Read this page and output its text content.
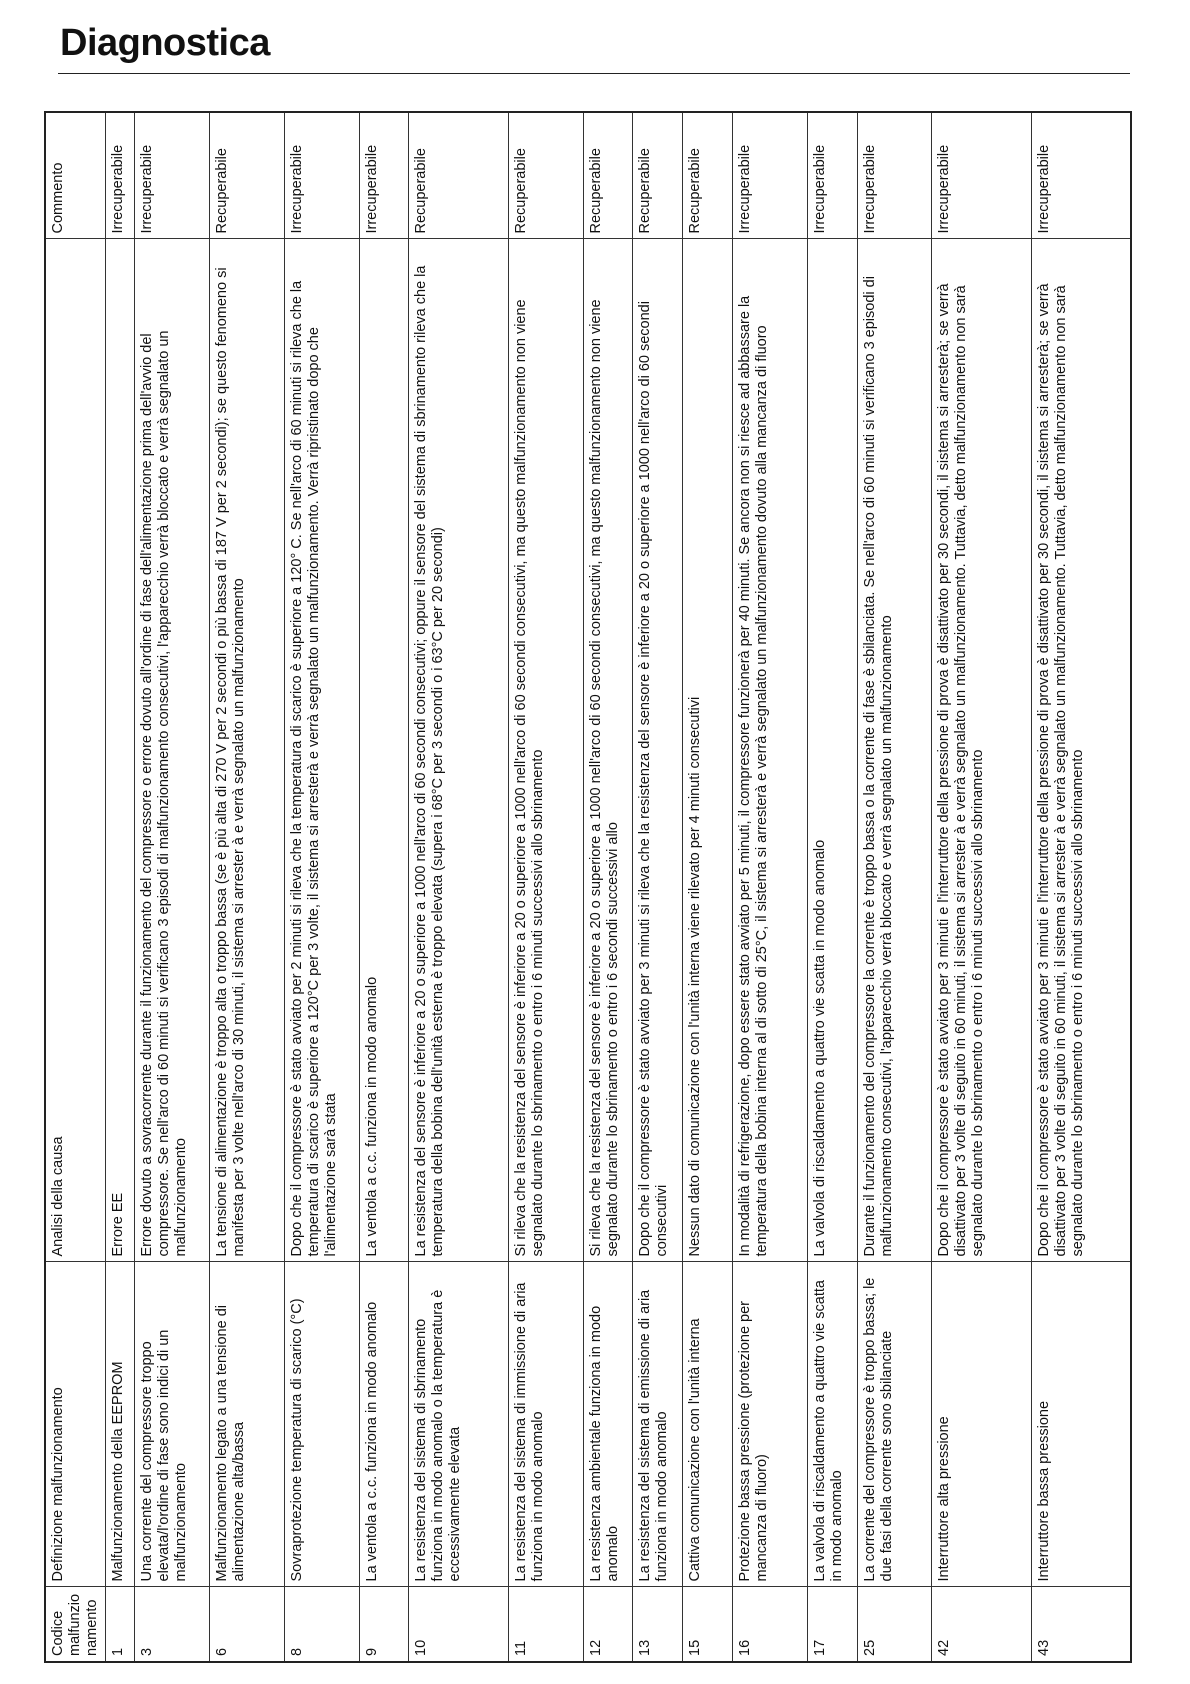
Diagnostica
Codice malfunzio namento	Definizione malfunzionamento	Analisi della causa	Commento
1	Malfunzionamento della EEPROM	Errore EE	Irrecuperabile
3	Una corrente del compressore troppo elevata/l'ordine di fase sono indici di un malfunzionamento	Errore dovuto a sovracorrente durante il funzionamento del compressore o errore dovuto all'ordine di fase dell'alimentazione prima dell'avvio del compressore. Se nell'arco di 60 minuti si verificano 3 episodi di malfunzionamento consecutivi, l'apparecchio verrà bloccato e verrà segnalato un malfunzionamento	Irrecuperabile
6	Malfunzionamento legato a una tensione di alimentazione alta/bassa	La tensione di alimentazione è troppo alta o troppo bassa (se è più alta di 270 V per 2 secondi o più bassa di 187 V per 2 secondi); se questo fenomeno si manifesta per 3 volte nell'arco di 30 minuti, il sistema si arrester à e verrà segnalato un malfunzionamento	Recuperabile
8	Sovraprotezione temperatura di scarico (°C)	Dopo che il compressore è stato avviato per 2 minuti si rileva che la temperatura di scarico è superiore a 120° C. Se nell'arco di 60 minuti si rileva che la temperatura di scarico è superiore a 120°C per 3 volte, il sistema si arresterà e verrà segnalato un malfunzionamento. Verrà ripristinato dopo che l'alimentazione sarà stata	Irrecuperabile
9	La ventola a c.c. funziona in modo anomalo	La ventola a c.c. funziona in modo anomalo	Irrecuperabile
10	La resistenza del sistema di sbrinamento funziona in modo anomalo o la temperatura è eccessivamente elevata	La resistenza del sensore è inferiore a 20 o superiore a 1000 nell'arco di 60 secondi consecutivi; oppure il sensore del sistema di sbrinamento rileva che la temperatura della bobina dell'unità esterna è troppo elevata (supera i 68°C per 3 secondi o i 63°C per 20 secondi)	Recuperabile
11	La resistenza del sistema di immissione di aria funziona in modo anomalo	Si rileva che la resistenza del sensore è inferiore a 20 o superiore a 1000 nell'arco di 60 secondi consecutivi, ma questo malfunzionamento non viene segnalato durante lo sbrinamento o entro i 6 minuti successivi allo sbrinamento	Recuperabile
12	La resistenza ambientale funziona in modo anomalo	Si rileva che la resistenza del sensore è inferiore a 20 o superiore a 1000 nell'arco di 60 secondi consecutivi, ma questo malfunzionamento non viene segnalato durante lo sbrinamento o entro i 6 secondi successivi allo	Recuperabile
13	La resistenza del sistema di emissione di aria funziona in modo anomalo	Dopo che il compressore è stato avviato per 3 minuti si rileva che la resistenza del sensore è inferiore a 20 o superiore a 1000 nell'arco di 60 secondi consecutivi	Recuperabile
15	Cattiva comunicazione con l'unità interna	Nessun dato di comunicazione con l'unità interna viene rilevato per 4 minuti consecutivi	Recuperabile
16	Protezione bassa pressione (protezione per mancanza di fluoro)	In modalità di refrigerazione, dopo essere stato avviato per 5 minuti, il compressore funzionerà per 40 minuti. Se ancora non si riesce ad abbassare la temperatura della bobina interna al di sotto di 25°C, il sistema si arresterà e verrà segnalato un malfunzionamento dovuto alla mancanza di fluoro	Irrecuperabile
17	La valvola di riscaldamento a quattro vie scatta in modo anomalo	La valvola di riscaldamento a quattro vie scatta in modo anomalo	Irrecuperabile
25	La corrente del compressore è troppo bassa; le due fasi della corrente sono sbilanciate	Durante il funzionamento del compressore la corrente è troppo bassa o la corrente di fase è sbilanciata. Se nell'arco di 60 minuti si verificano 3 episodi di malfunzionamento consecutivi, l'apparecchio verrà bloccato e verrà segnalato un malfunzionamento	Irrecuperabile
42	Interruttore alta pressione	Dopo che il compressore è stato avviato per 3 minuti e l'interruttore della pressione di prova è disattivato per 30 secondi, il sistema si arresterà; se verrà disattivato per 3 volte di seguito in 60 minuti, il sistema si arrester à e verrà segnalato un malfunzionamento. Tuttavia, detto malfunzionamento non sarà segnalato durante lo sbrinamento o entro i 6 minuti successivi allo sbrinamento	Irrecuperabile
43	Interruttore bassa pressione	Dopo che il compressore è stato avviato per 3 minuti e l'interruttore della pressione di prova è disattivato per 30 secondi, il sistema si arresterà; se verrà disattivato per 3 volte di seguito in 60 minuti, il sistema si arrester à e verrà segnalato un malfunzionamento. Tuttavia, detto malfunzionamento non sarà segnalato durante lo sbrinamento o entro i 6 minuti successivi allo sbrinamento	Irrecuperabile
